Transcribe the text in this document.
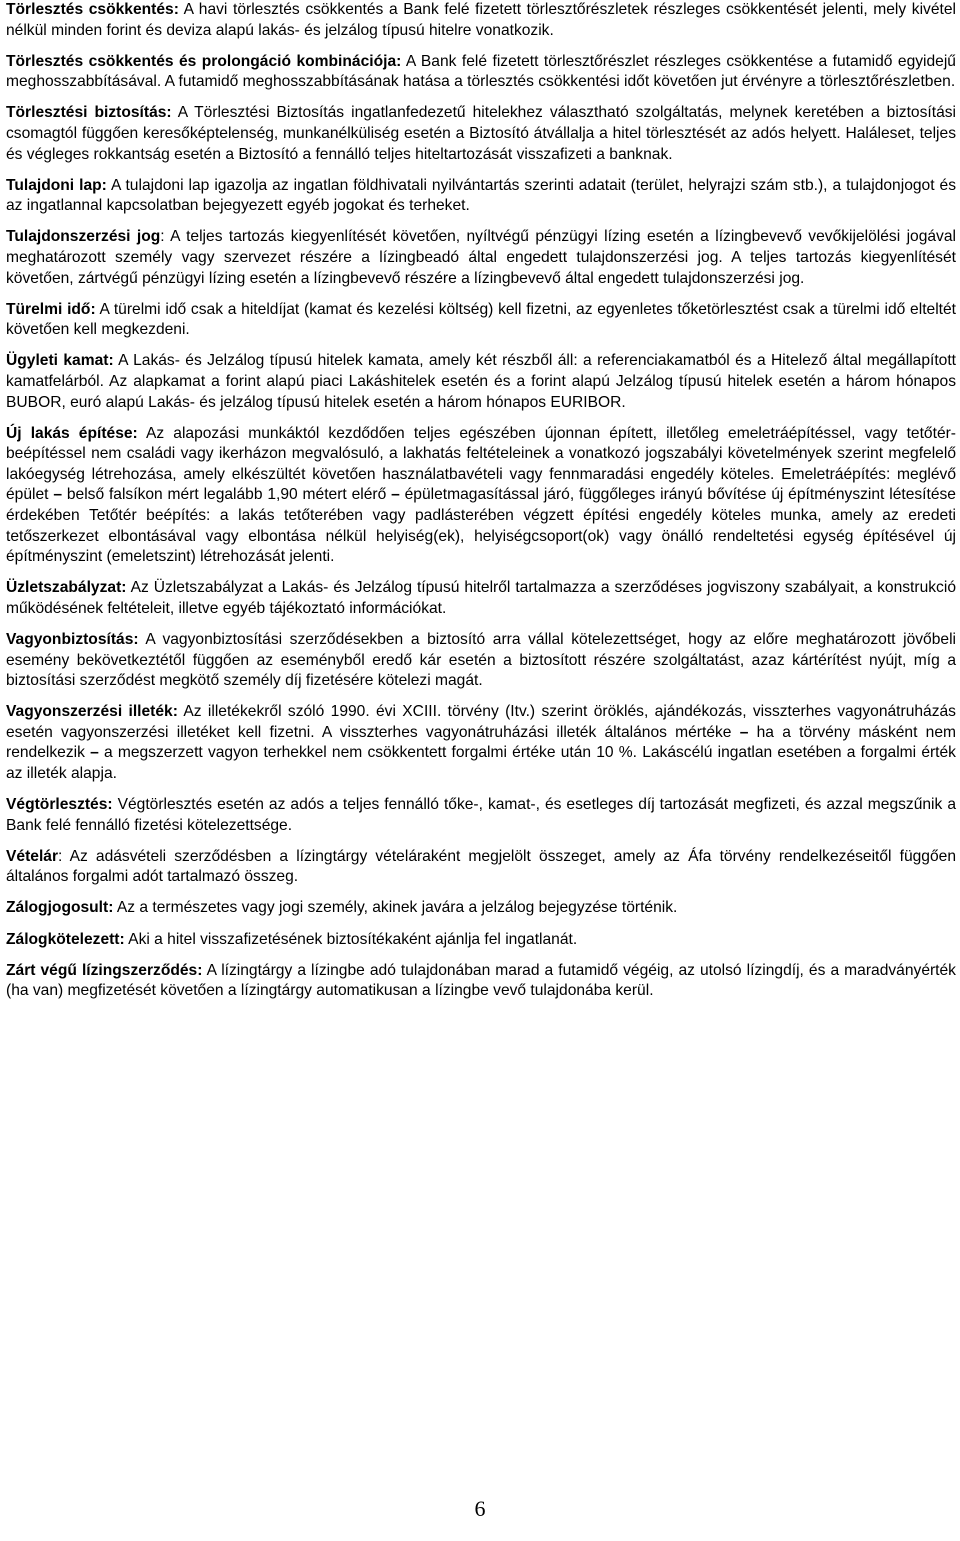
Törlesztés csökkentés: A havi törlesztés csökkentés a Bank felé fizetett törlesztőrészletek részleges csökkentését jelenti, mely kivétel nélkül minden forint és deviza alapú lakás- és jelzálog típusú hitelre vonatkozik.

Törlesztés csökkentés és prolongáció kombinációja: A Bank felé fizetett törlesztőrészlet részleges csökkentése a futamidő egyidejű meghosszabbításával. A futamidő meghosszabbításának hatása a törlesztés csökkentési időt követően jut érvényre a törlesztőrészletben.

Törlesztési biztosítás: A Törlesztési Biztosítás ingatlanfedezetű hitelekhez választható szolgáltatás, melynek keretében a biztosítási csomagtól függően keresőképtelenség, munkanélküliség esetén a Biztosító átvállalja a hitel törlesztését az adós helyett. Haláleset, teljes és végleges rokkantság esetén a Biztosító a fennálló teljes hiteltartozását visszafizeti a banknak.

Tulajdoni lap: A tulajdoni lap igazolja az ingatlan földhivatali nyilvántartás szerinti adatait (terület, helyrajzi szám stb.), a tulajdonjogot és az ingatlannal kapcsolatban bejegyezett egyéb jogokat és terheket.

Tulajdonszerzési jog: A teljes tartozás kiegyenlítését követően, nyíltvégű pénzügyi lízing esetén a lízingbevevő vevőkijelölési jogával meghatározott személy vagy szervezet részére a lízingbeadó által engedett tulajdonszerzési jog. A teljes tartozás kiegyenlítését követően, zártvégű pénzügyi lízing esetén a lízingbevevő részére a lízingbevevő által engedett tulajdonszerzési jog.

Türelmi idő: A türelmi idő csak a hiteldíjat (kamat és kezelési költség) kell fizetni, az egyenletes tőketörlesztést csak a türelmi idő elteltét követően kell megkezdeni.

Ügyleti kamat: A Lakás- és Jelzálog típusú hitelek kamata, amely két részből áll: a referenciakamatból és a Hitelező által megállapított kamatfelárból. Az alapkamat a forint alapú piaci Lakáshitelek esetén és a forint alapú Jelzálog típusú hitelek esetén a három hónapos BUBOR, euró alapú Lakás- és jelzálog típusú hitelek esetén a három hónapos EURIBOR.

Új lakás építése: Az alapozási munkáktól kezdődően teljes egészében újonnan épített, illetőleg emeletráépítéssel, vagy tetőtér-beépítéssel nem családi vagy ikerházon megvalósuló, a lakhatás feltételeinek a vonatkozó jogszabályi követelmények szerint megfelelő lakóegység létrehozása, amely elkészültét követően használatbavételi vagy fennmaradási engedély köteles. Emeletráépítés: meglévő épület – belső falsíkon mért legalább 1,90 métert elérő – épületmagasítással járó, függőleges irányú bővítése új építményszint létesítése érdekében Tetőtér beépítés: a lakás tetőterében vagy padlásterében végzett építési engedély köteles munka, amely az eredeti tetőszerkezet elbontásával vagy elbontása nélkül helyiség(ek), helyiségcsoport(ok) vagy önálló rendeltetési egység építésével új építményszint (emeletszint) létrehozását jelenti.

Üzletszabályzat: Az Üzletszabályzat a Lakás- és Jelzálog típusú hitelről tartalmazza a szerződéses jogviszony szabályait, a konstrukció működésének feltételeit, illetve egyéb tájékoztató információkat.

Vagyonbiztosítás: A vagyonbiztosítási szerződésekben a biztosító arra vállal kötelezettséget, hogy az előre meghatározott jövőbeli esemény bekövetkeztétől függően az eseményből eredő kár esetén a biztosított részére szolgáltatást, azaz kártérítést nyújt, míg a biztosítási szerződést megkötő személy díj fizetésére kötelezi magát.

Vagyonszerzési illeték: Az illetékekről szóló 1990. évi XCIII. törvény (Itv.) szerint öröklés, ajándékozás, visszterhes vagyonátruházás esetén vagyonszerzési illetéket kell fizetni. A visszterhes vagyonátruházási illeték általános mértéke – ha a törvény másként nem rendelkezik – a megszerzett vagyon terhekkel nem csökkentett forgalmi értéke után 10 %. Lakáscélú ingatlan esetében a forgalmi érték az illeték alapja.

Végtörlesztés: Végtörlesztés esetén az adós a teljes fennálló tőke-, kamat-, és esetleges díj tartozását megfizeti, és azzal megszűnik a Bank felé fennálló fizetési kötelezettsége.

Vételár: Az adásvételi szerződésben a lízingtárgy vételáraként megjelölt összeget, amely az Áfa törvény rendelkezéseitől függően általános forgalmi adót tartalmazó összeg.

Zálogjogosult: Az a természetes vagy jogi személy, akinek javára a jelzálog bejegyzése történik.

Zálogkötelezett: Aki a hitel visszafizetésének biztosítékaként ajánlja fel ingatlanát.

Zárt végű lízingszerződés: A lízingtárgy a lízingbe adó tulajdonában marad a futamidő végéig, az utolsó lízingdíj, és a maradványérték (ha van) megfizetését követően a lízingtárgy automatikusan a lízingbe vevő tulajdonába kerül.

6
